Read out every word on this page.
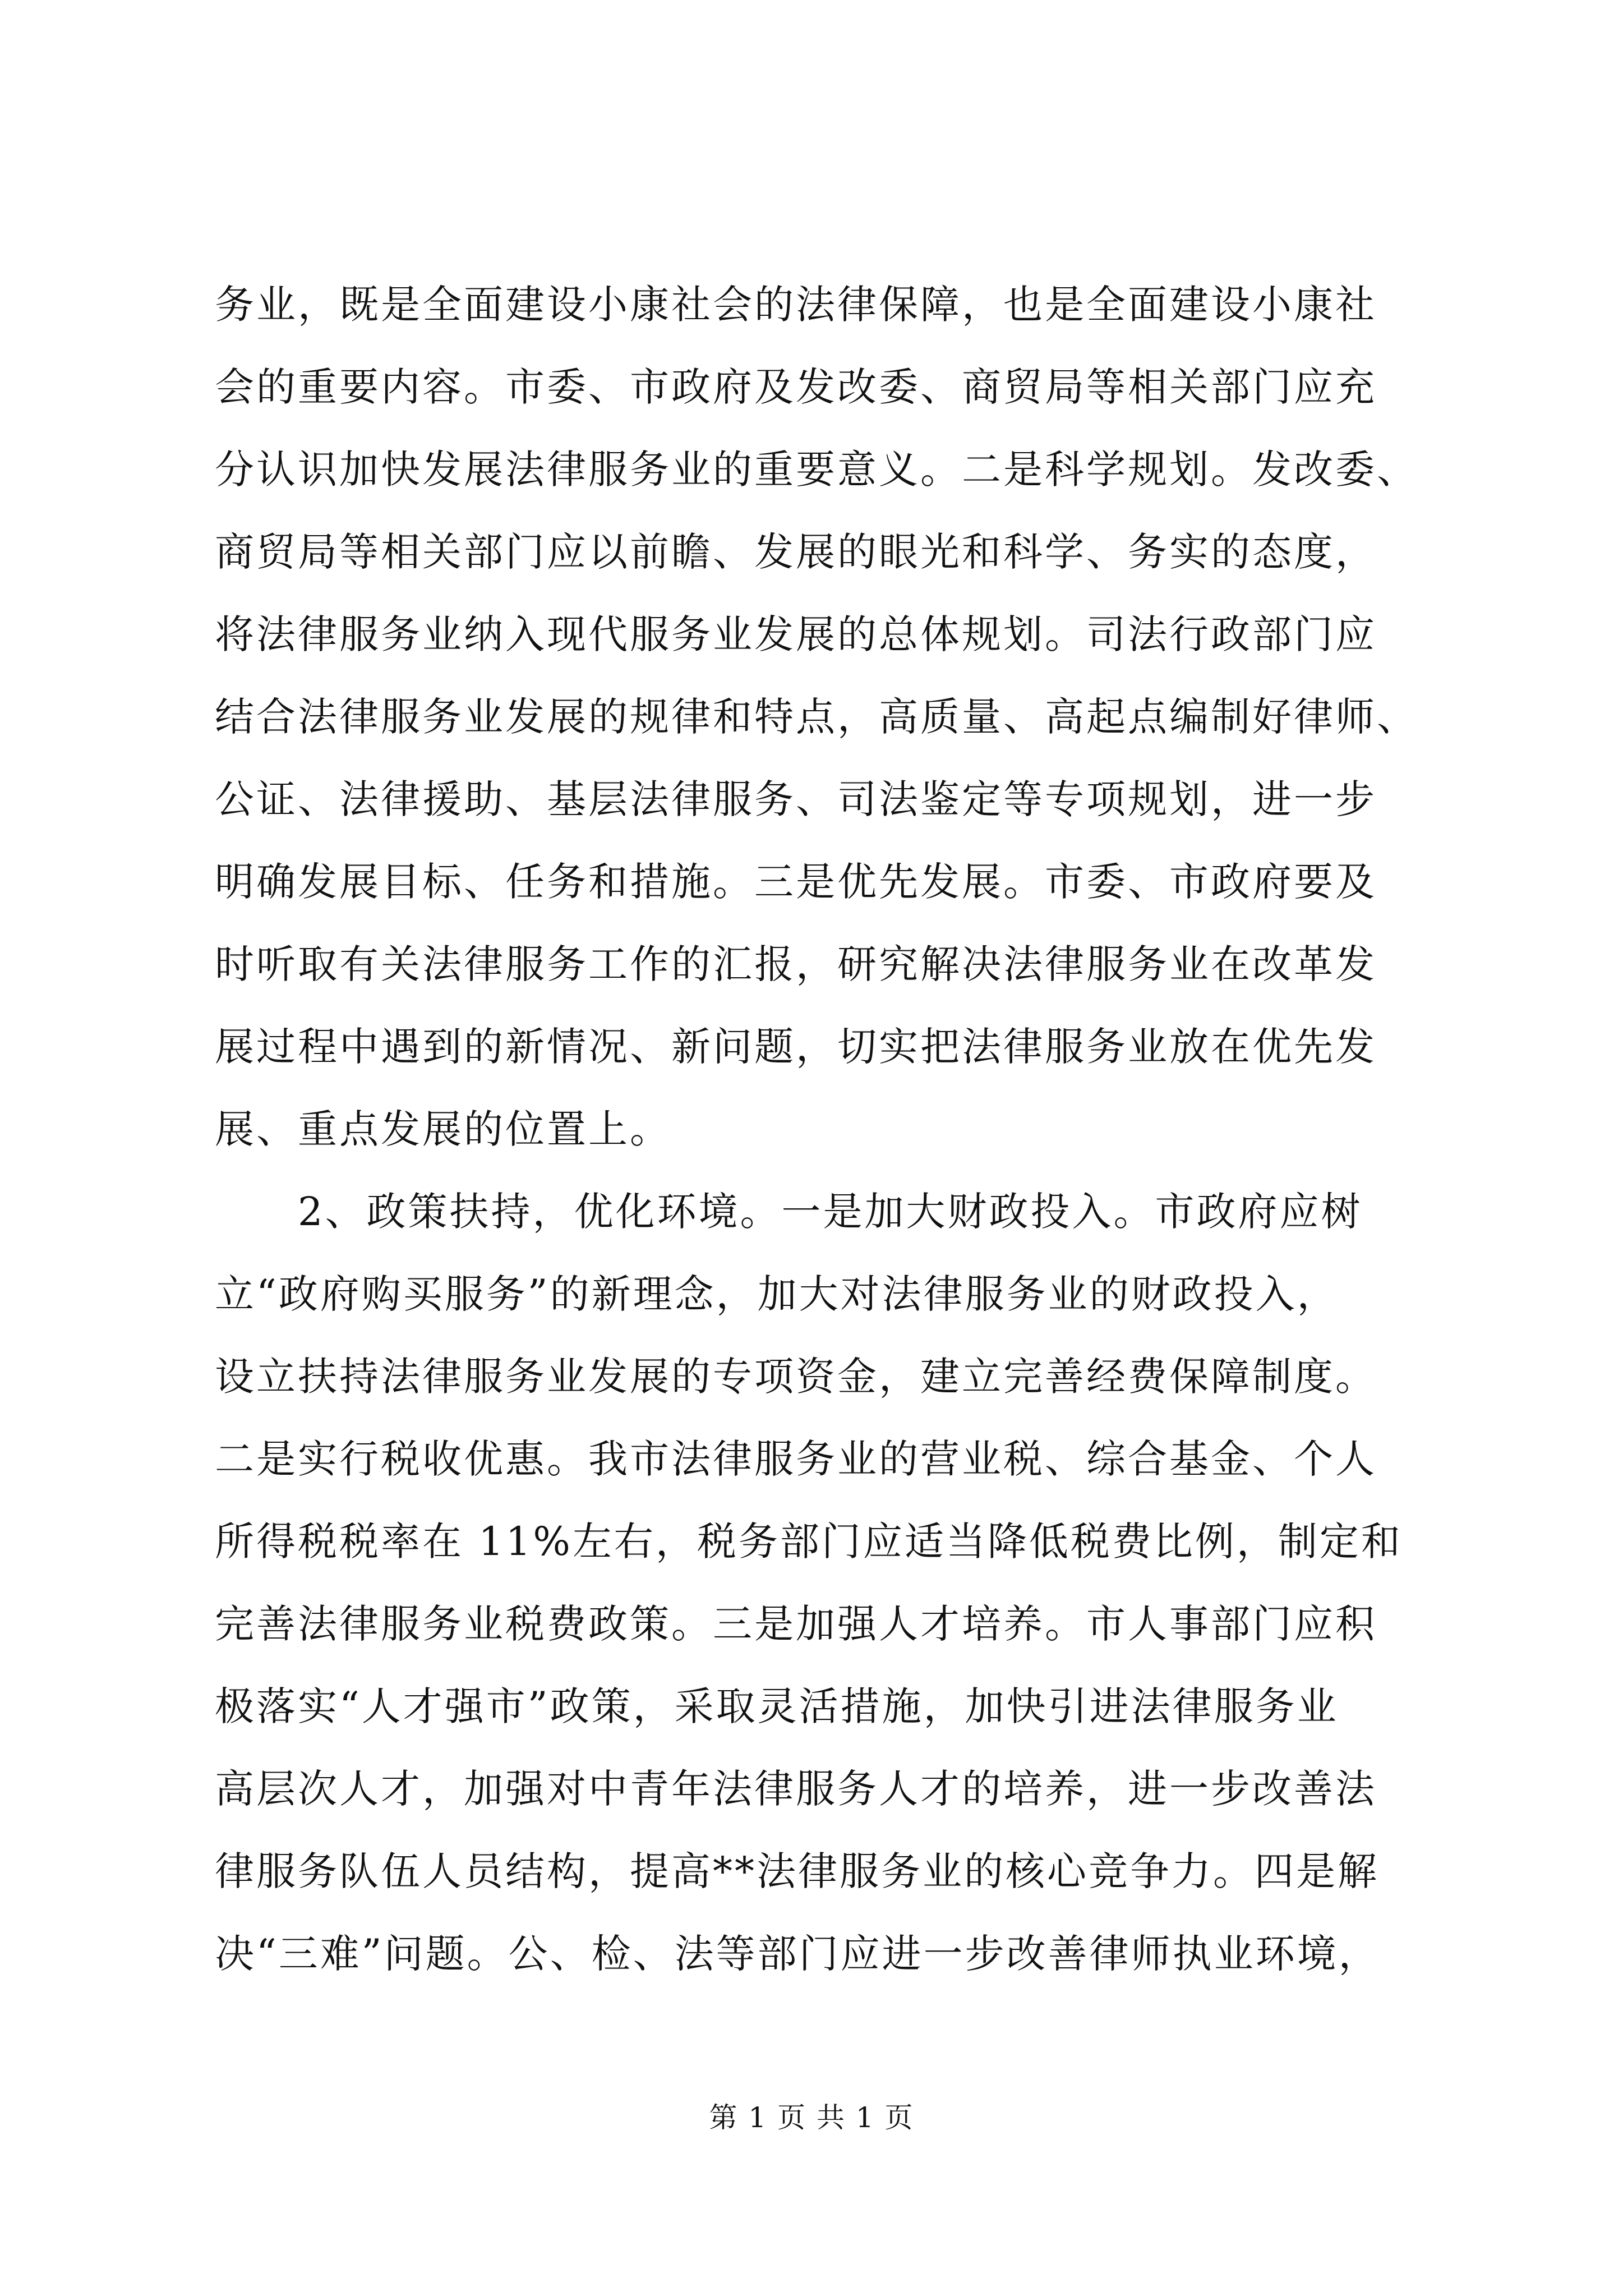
务业，既是全面建设小康社会的法律保障，也是全面建设小康社
会的重要内容。市委、市政府及发改委、商贸局等相关部门应充
分认识加快发展法律服务业的重要意义。二是科学规划。发改委、
商贸局等相关部门应以前瞻、发展的眼光和科学、务实的态度，
将法律服务业纳入现代服务业发展的总体规划。司法行政部门应
结合法律服务业发展的规律和特点，高质量、高起点编制好律师、
公证、法律援助、基层法律服务、司法鉴定等专项规划，进一步
明确发展目标、任务和措施。三是优先发展。市委、市政府要及
时听取有关法律服务工作的汇报，研究解决法律服务业在改革发
展过程中遇到的新情况、新问题，切实把法律服务业放在优先发
展、重点发展的位置上。
2、政策扶持，优化环境。一是加大财政投入。市政府应树
立“政府购买服务”的新理念，加大对法律服务业的财政投入，
设立扶持法律服务业发展的专项资金，建立完善经费保障制度。
二是实行税收优惠。我市法律服务业的营业税、综合基金、个人
所得税税率在 11%左右，税务部门应适当降低税费比例，制定和
完善法律服务业税费政策。三是加强人才培养。市人事部门应积
极落实“人才强市”政策，采取灵活措施，加快引进法律服务业
高层次人才，加强对中青年法律服务人才的培养，进一步改善法
律服务队伍人员结构，提高**法律服务业的核心竞争力。四是解
决“三难”问题。公、检、法等部门应进一步改善律师执业环境，
第 1 页 共 1 页
